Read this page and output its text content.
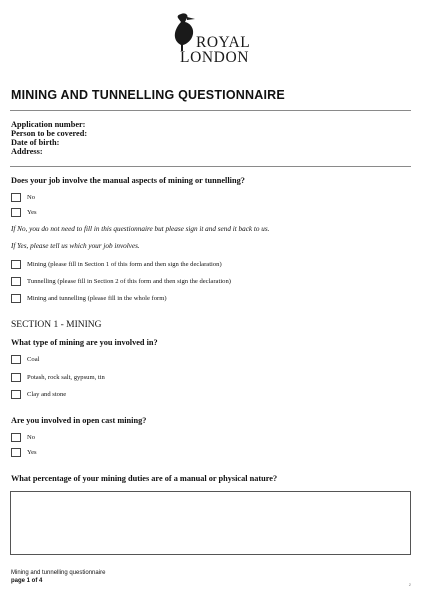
ROYAL
LONDON
MINING AND TUNNELLING QUESTIONNAIRE
Application number:
Person to be covered:
Date of birth:
Address:
Does your job involve the manual aspects of mining or tunnelling?
No
Yes
If No, you do not need to fill in this questionnaire but please sign it and send it back to us.
If Yes, please tell us which your job involves.
Mining (please fill in Section 1 of this form and then sign the declaration)
Tunnelling (please fill in Section 2 of this form and then sign the declaration)
Mining and tunnelling (please fill in the whole form)
SECTION 1 - MINING
What type of mining are you involved in?
Coal
Potash, rock salt, gypsum, tin
Clay and stone
Are you involved in open cast mining?
No
Yes
What percentage of your mining duties are of a manual or physical nature?
Mining and tunnelling questionnaire
page 1 of 4
2
